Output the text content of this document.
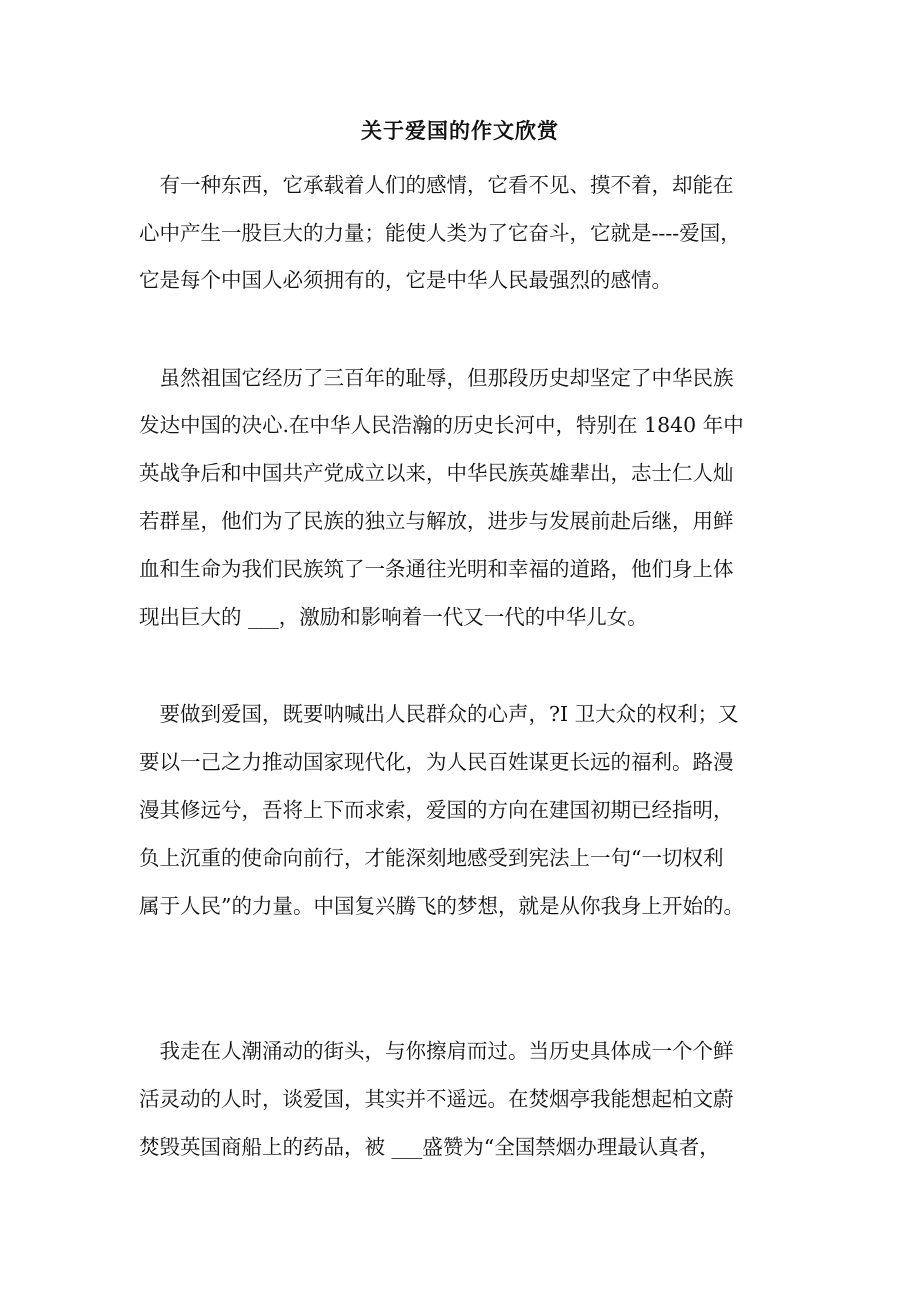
关于爱国的作文欣赏
　有一种东西，它承载着人们的感情，它看不见、摸不着，却能在
心中产生一股巨大的力量；能使人类为了它奋斗，它就是----爱国，
它是每个中国人必须拥有的，它是中华人民最强烈的感情。
　虽然祖国它经历了三百年的耻辱，但那段历史却坚定了中华民族
发达中国的决心.在中华人民浩瀚的历史长河中，特别在 1840 年中
英战争后和中国共产党成立以来，中华民族英雄辈出，志士仁人灿
若群星，他们为了民族的独立与解放，进步与发展前赴后继，用鲜
血和生命为我们民族筑了一条通往光明和幸福的道路，他们身上体
现出巨大的 ___，激励和影响着一代又一代的中华儿女。
　要做到爱国，既要呐喊出人民群众的心声，?I 卫大众的权利；又
要以一己之力推动国家现代化，为人民百姓谋更长远的福利。路漫
漫其修远兮，吾将上下而求索，爱国的方向在建国初期已经指明，
负上沉重的使命向前行，才能深刻地感受到宪法上一句“一切权利
属于人民”的力量。中国复兴腾飞的梦想，就是从你我身上开始的。
　我走在人潮涌动的街头，与你擦肩而过。当历史具体成一个个鲜
活灵动的人时，谈爱国，其实并不遥远。在焚烟亭我能想起柏文蔚
焚毁英国商船上的药品，被 ___盛赞为“全国禁烟办理最认真者，
